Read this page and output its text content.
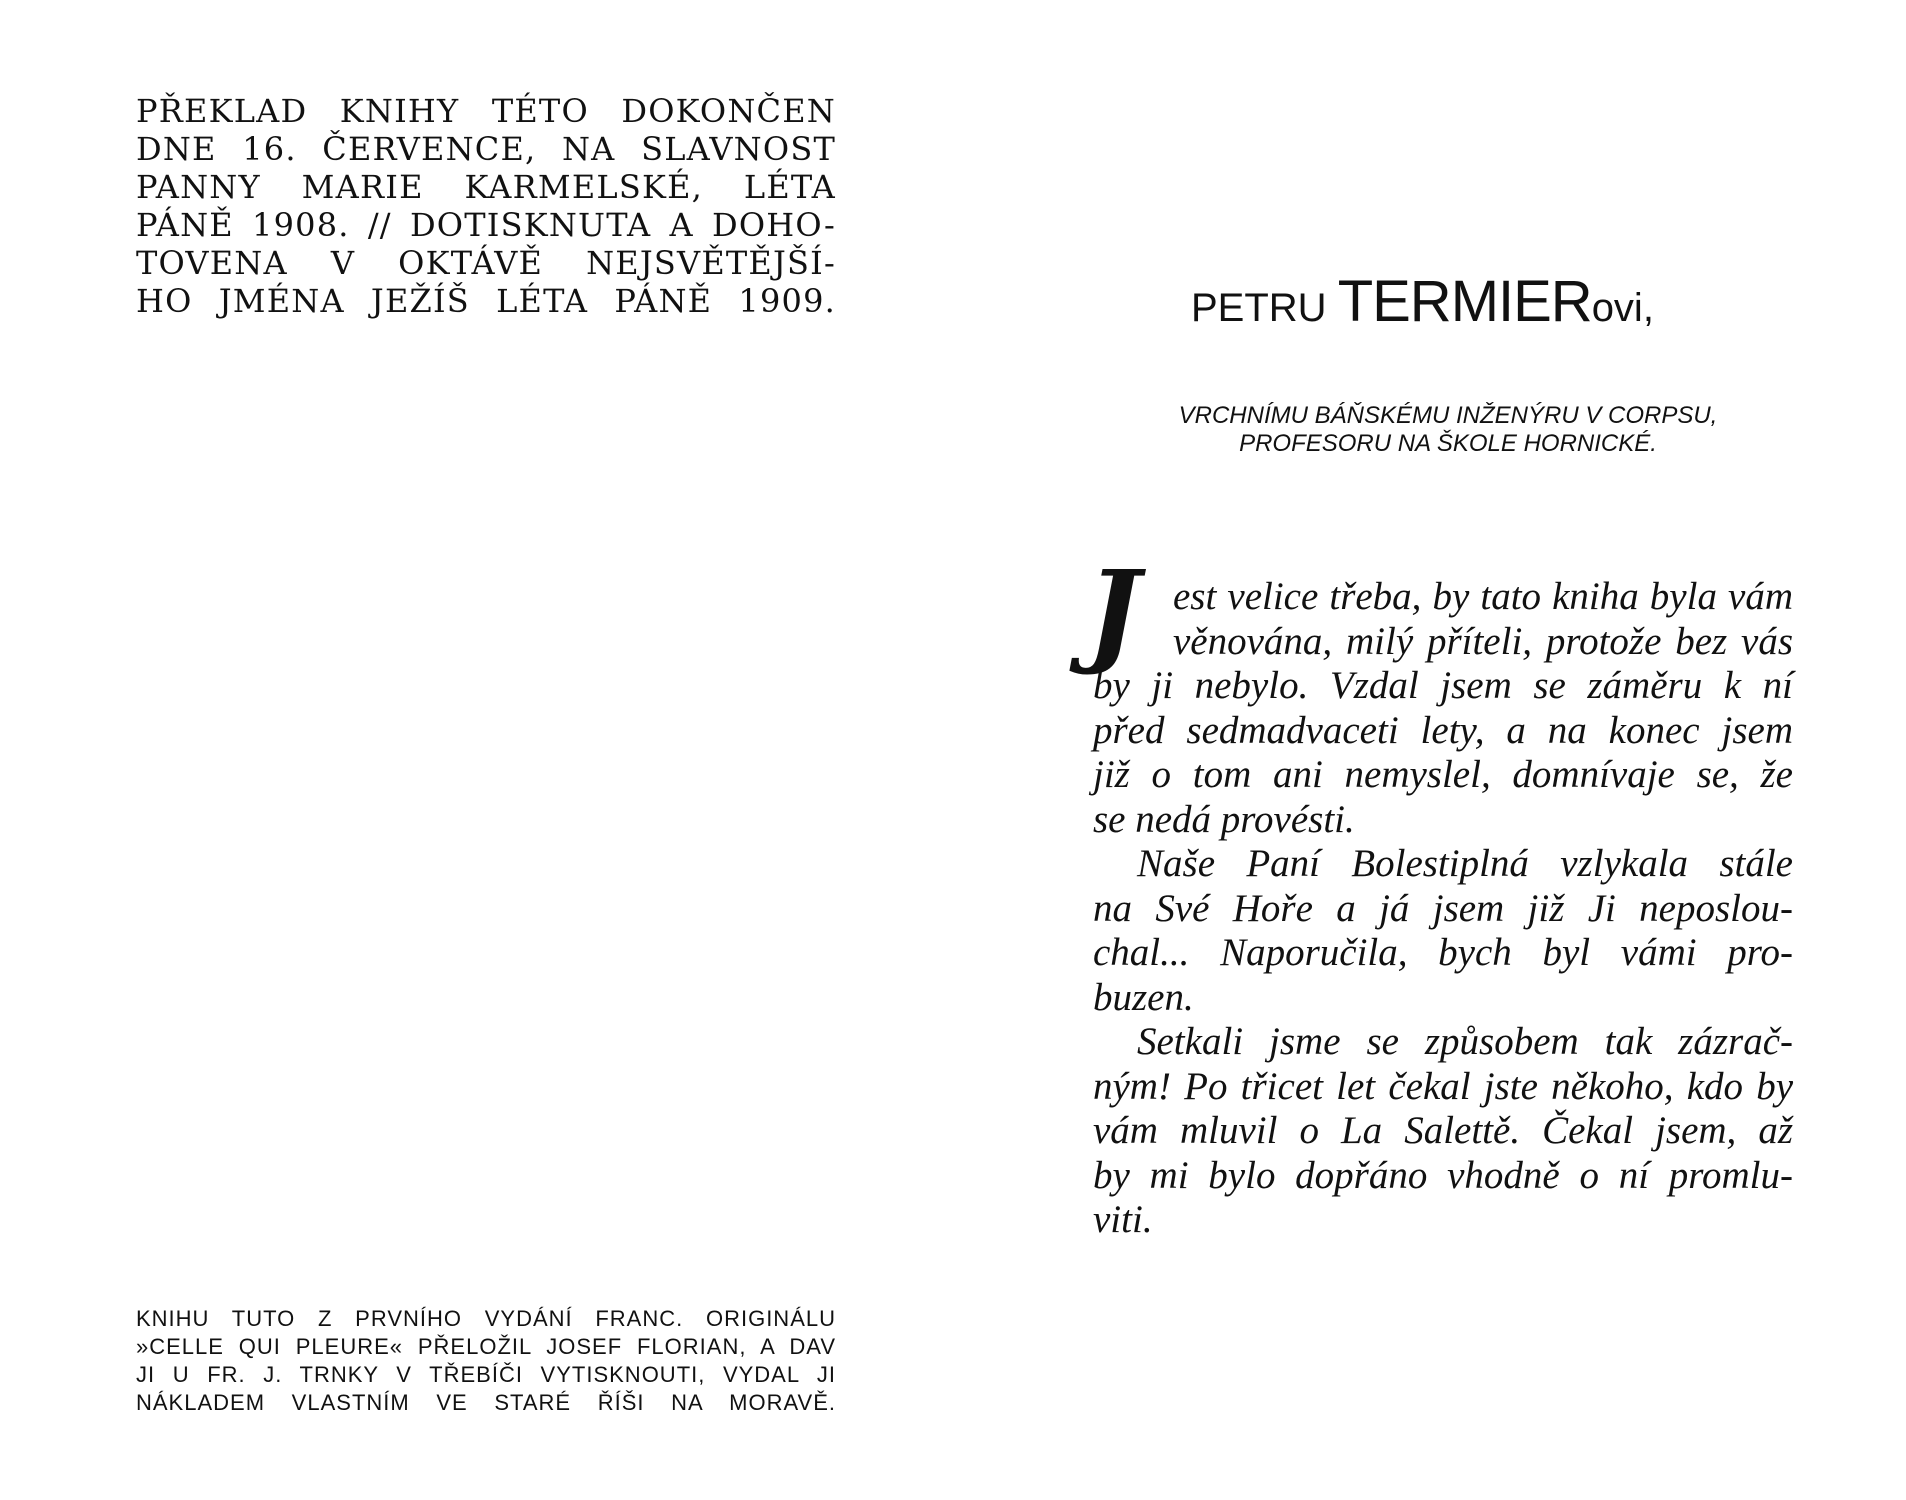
PŘEKLAD KNIHY TÉTO DOKONČEN
DNE 16. ČERVENCE, NA SLAVNOST
PANNY MARIE KARMELSKÉ, LÉTA
PÁNĚ 1908. // DOTISKNUTA A DOHO-
TOVENA V OKTÁVĚ NEJSVĚTĚJŠÍ-
HO JMÉNA JEŽÍŠ LÉTA PÁNĚ 1909.
KNIHU TUTO Z PRVNÍHO VYDÁNÍ FRANC. ORIGINÁLU
»CELLE QUI PLEURE« PŘELOŽIL JOSEF FLORIAN, A DAV
JI U FR. J. TRNKY V TŘEBÍČI VYTISKNOUTI, VYDAL JI
NÁKLADEM VLASTNÍM VE STARÉ ŘÍŠI NA MORAVĚ.
PETRU TERMIERovi,
VRCHNÍMU BÁŇSKÉMU INŽENÝRU V CORPSU,
PROFESORU NA ŠKOLE HORNICKÉ.
J est velice třeba, by tato kniha byla vám
věnována, milý příteli, protože bez vás
by ji nebylo. Vzdal jsem se záměru k ní
před sedmadvaceti lety, a na konec jsem
již o tom ani nemyslel, domnívaje se, že
se nedá provésti.
Naše Paní Bolestiplná vzlykala stále
na Své Hoře a já jsem již Ji neposlou-
chal... Naporučila, bych byl vámi pro-
buzen.
Setkali jsme se způsobem tak zázrač-
ným! Po třicet let čekal jste někoho, kdo by
vám mluvil o La Salettě. Čekal jsem, až
by mi bylo dopřáno vhodně o ní promlu-
viti.
